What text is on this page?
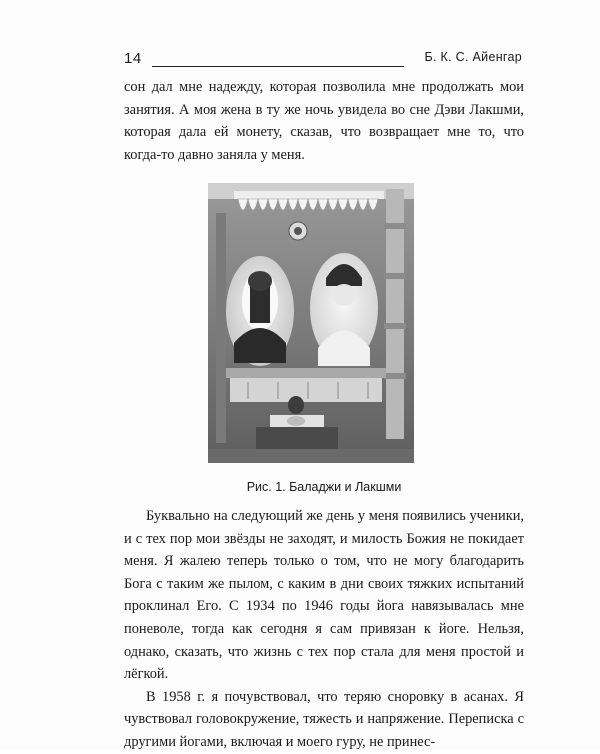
14	Б. К. С. Айенгар

сон дал мне надежду, которая позволила мне продолжать мои занятия. А моя жена в ту же ночь увидела во сне Дэви Лакшми, которая дала ей монету, сказав, что возвращает мне то, что когда-то давно заняла у меня.

Рис. 1. Баладжи и Лакшми

Буквально на следующий же день у меня появились ученики, и с тех пор мои звёзды не заходят, и милость Божия не покидает меня. Я жалею теперь только о том, что не могу благодарить Бога с таким же пылом, с каким в дни своих тяжких испытаний проклинал Его. С 1934 по 1946 годы йога навязывалась мне поневоле, тогда как сегодня я сам привязан к йоге. Нельзя, однако, сказать, что жизнь с тех пор стала для меня простой и лёгкой.

В 1958 г. я почувствовал, что теряю сноровку в асанах. Я чувствовал головокружение, тяжесть и напряжение. Переписка с другими йогами, включая и моего гуру, не принес-
